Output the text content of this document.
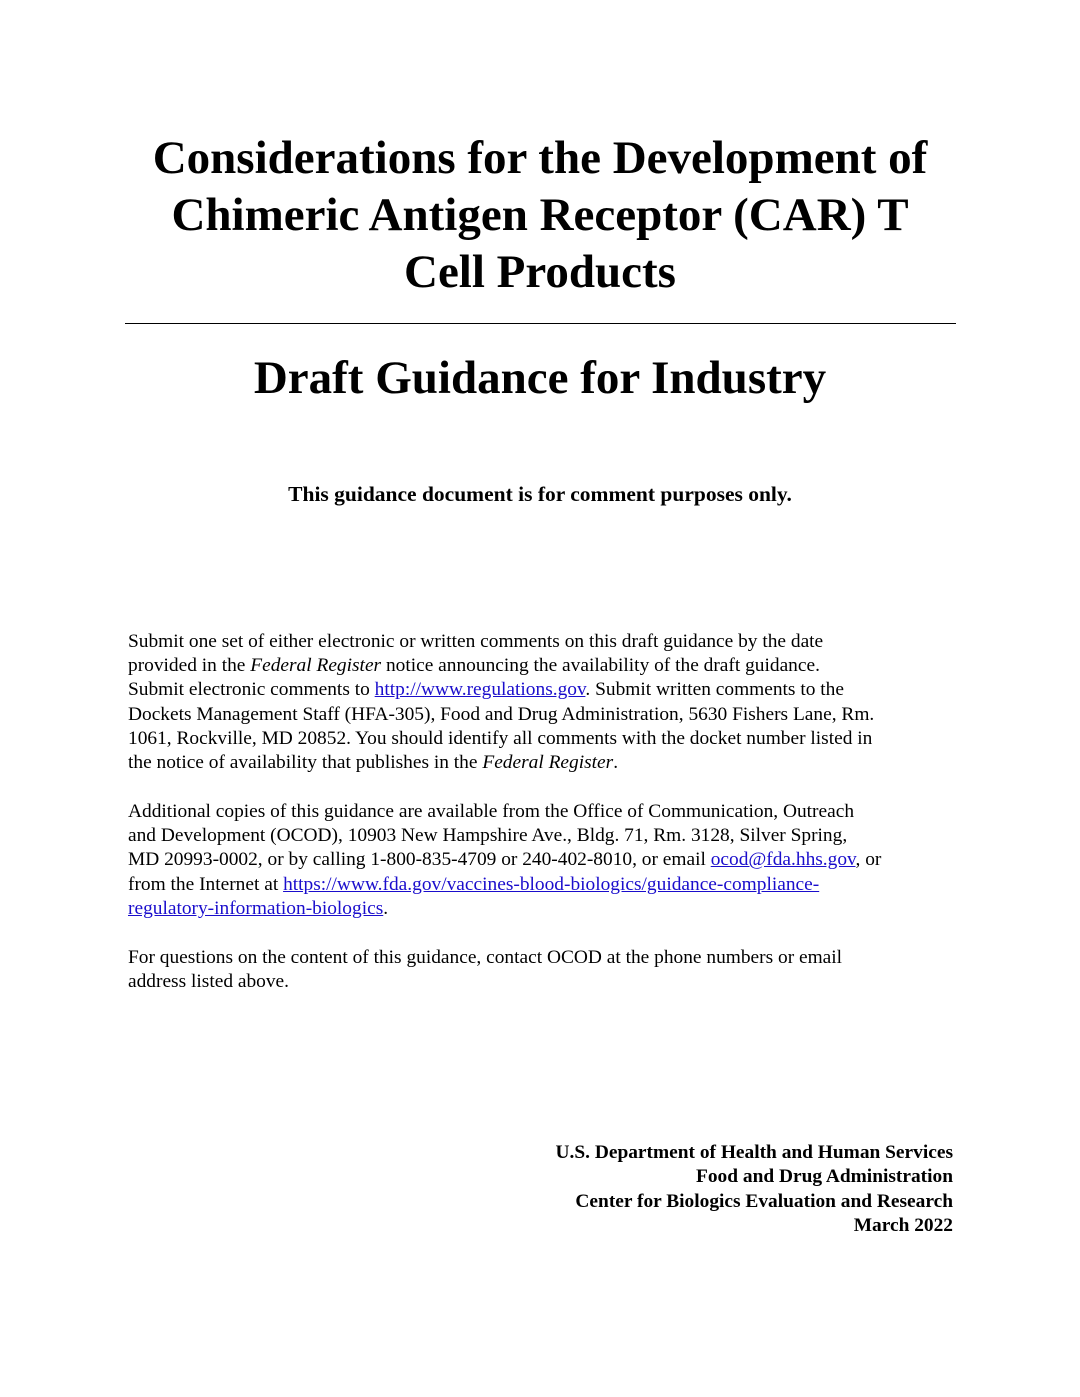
Considerations for the Development of
Chimeric Antigen Receptor (CAR) T
Cell Products
Draft Guidance for Industry

This guidance document is for comment purposes only.

Submit one set of either electronic or written comments on this draft guidance by the date
provided in the Federal Register notice announcing the availability of the draft guidance.
Submit electronic comments to http://www.regulations.gov. Submit written comments to the
Dockets Management Staff (HFA-305), Food and Drug Administration, 5630 Fishers Lane, Rm.
1061, Rockville, MD 20852. You should identify all comments with the docket number listed in
the notice of availability that publishes in the Federal Register.

Additional copies of this guidance are available from the Office of Communication, Outreach
and Development (OCOD), 10903 New Hampshire Ave., Bldg. 71, Rm. 3128, Silver Spring,
MD 20993-0002, or by calling 1-800-835-4709 or 240-402-8010, or email ocod@fda.hhs.gov, or
from the Internet at https://www.fda.gov/vaccines-blood-biologics/guidance-compliance-
regulatory-information-biologics.

For questions on the content of this guidance, contact OCOD at the phone numbers or email
address listed above.

U.S. Department of Health and Human Services
Food and Drug Administration
Center for Biologics Evaluation and Research
March 2022
